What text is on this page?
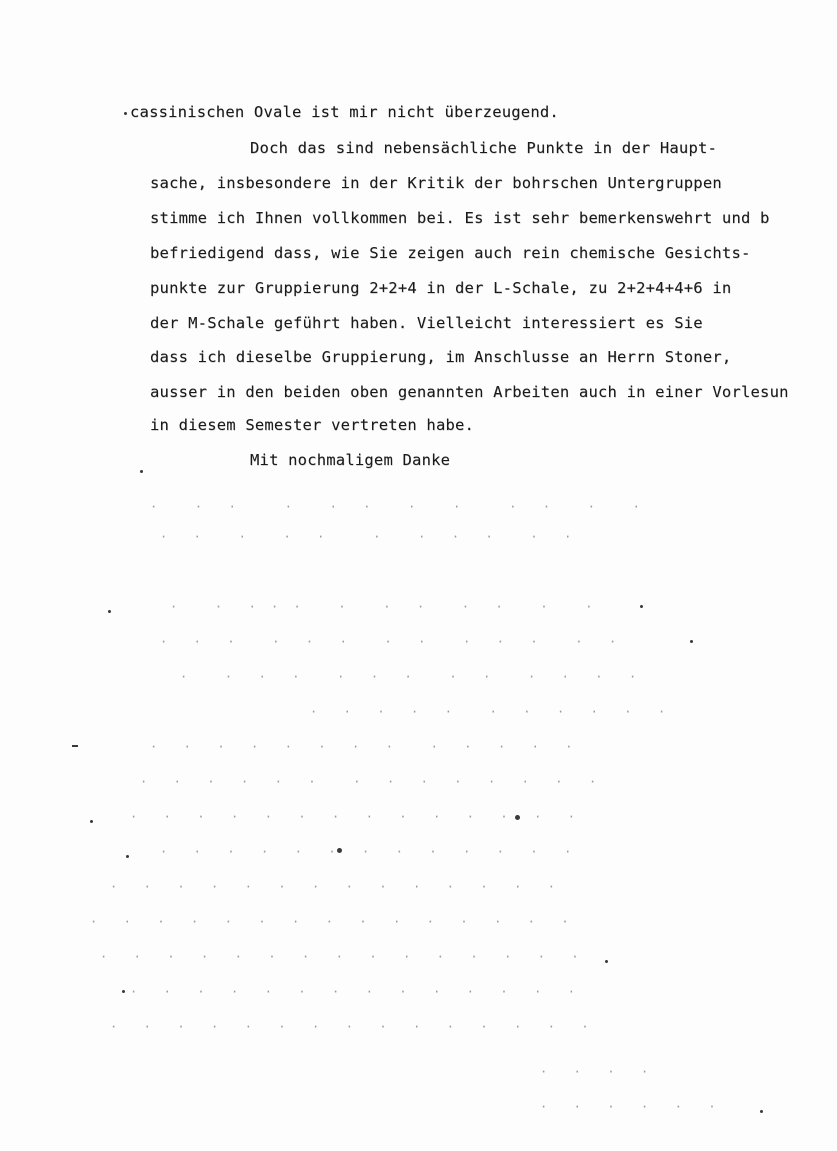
cassinischen Ovale ist mir nicht überzeugend.
Doch das sind nebensächliche Punkte in der Haupt-
sache, insbesondere in der Kritik der bohrschen Untergruppen
stimme ich Ihnen vollkommen bei. Es ist sehr bemerkenswehrt und b
befriedigend dass, wie Sie zeigen auch rein chemische Gesichts-
punkte zur Gruppierung 2+2+4 in der L-Schale, zu 2+2+4+4+6 in
der M-Schale geführt haben. Vielleicht interessiert es Sie
dass ich dieselbe Gruppierung, im Anschlusse an Herrn Stoner,
ausser in den beiden oben genannten Arbeiten auch in einer Vorlesun
in diesem Semester vertreten habe.
Mit nochmaligem Danke
·   ·  ·    ·   ·  ·   ·   ·    ·  ·   ·   ·
·  ·   ·   ·  ·    ·   ·  ·  ·   ·  ·
·   ·  · · ·   ·   ·  ·   ·  ·   ·   ·
·  ·  ·   ·  ·  ·   ·  ·   ·  ·  ·   ·  ·
·   ·  ·  ·   ·  ·  ·   ·  ·   ·  ·  ·  ·
·  ·  ·  ·  ·   ·  ·  ·  ·  ·  ·
·  ·  ·  ·  ·  ·  ·  ·   ·  ·  ·  ·  ·
·  ·  ·  ·  ·  ·   ·  ·  ·  ·  ·  ·  ·  ·
·  ·  ·  ·  ·  ·  ·  ·  ·  ·  ·  ·  ·  ·
·  ·  ·  ·  ·  ·  ·  ·  ·  ·  ·  ·  ·
·  ·  ·  ·  ·  ·  ·  ·  ·  ·  ·  ·  ·  ·
·  ·  ·  ·  ·  ·  ·  ·  ·  ·  ·  ·  ·  ·  ·
·  ·  ·  ·  ·  ·  ·  ·  ·  ·  ·  ·  ·  ·  ·
·  ·  ·  ·  ·  ·  ·  ·  ·  ·  ·  ·  ·  ·
·  ·  ·  ·  ·  ·  ·  ·  ·  ·  ·  ·  ·  ·  ·
·  ·  ·  ·
·  ·  ·  ·  ·  ·
